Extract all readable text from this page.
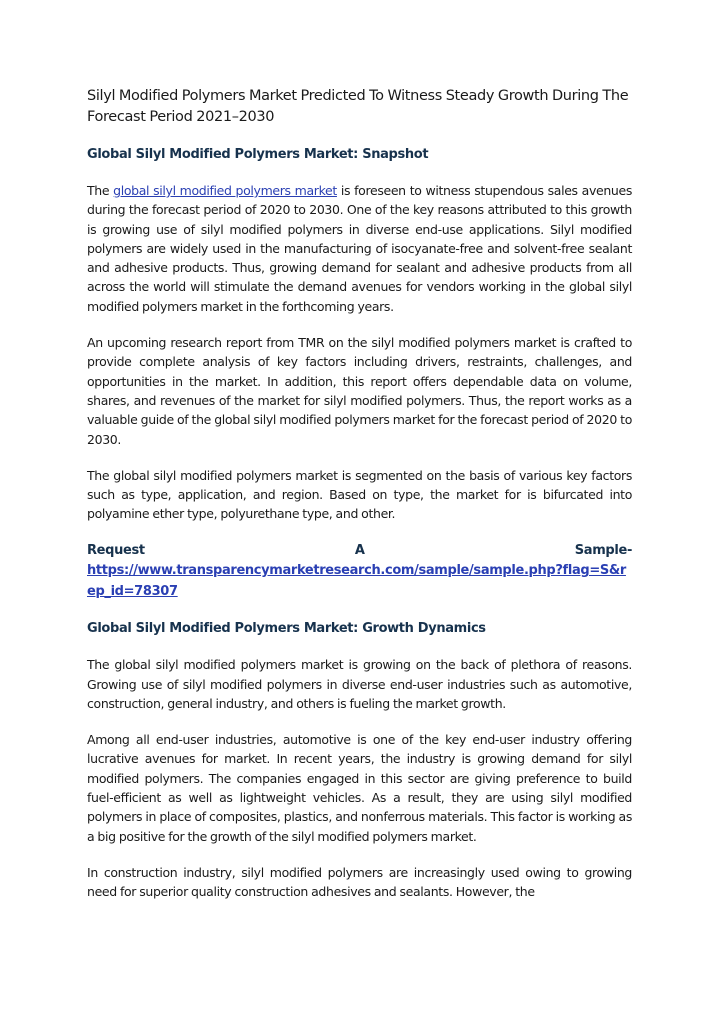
Silyl Modified Polymers Market Predicted To Witness Steady Growth During The Forecast Period 2021–2030

Global Silyl Modified Polymers Market: Snapshot

The global silyl modified polymers market is foreseen to witness stupendous sales avenues during the forecast period of 2020 to 2030. One of the key reasons attributed to this growth is growing use of silyl modified polymers in diverse end-use applications. Silyl modified polymers are widely used in the manufacturing of isocyanate-free and solvent-free sealant and adhesive products. Thus, growing demand for sealant and adhesive products from all across the world will stimulate the demand avenues for vendors working in the global silyl modified polymers market in the forthcoming years.

An upcoming research report from TMR on the silyl modified polymers market is crafted to provide complete analysis of key factors including drivers, restraints, challenges, and opportunities in the market. In addition, this report offers dependable data on volume, shares, and revenues of the market for silyl modified polymers. Thus, the report works as a valuable guide of the global silyl modified polymers market for the forecast period of 2020 to 2030.

The global silyl modified polymers market is segmented on the basis of various key factors such as type, application, and region. Based on type, the market for is bifurcated into polyamine ether type, polyurethane type, and other.

Request	A	Sample-
https://www.transparencymarketresearch.com/sample/sample.php?flag=S&rep_id=78307

Global Silyl Modified Polymers Market: Growth Dynamics

The global silyl modified polymers market is growing on the back of plethora of reasons. Growing use of silyl modified polymers in diverse end-user industries such as automotive, construction, general industry, and others is fueling the market growth.

Among all end-user industries, automotive is one of the key end-user industry offering lucrative avenues for market. In recent years, the industry is growing demand for silyl modified polymers. The companies engaged in this sector are giving preference to build fuel-efficient as well as lightweight vehicles. As a result, they are using silyl modified polymers in place of composites, plastics, and nonferrous materials. This factor is working as a big positive for the growth of the silyl modified polymers market.

In construction industry, silyl modified polymers are increasingly used owing to growing need for superior quality construction adhesives and sealants. However, the
